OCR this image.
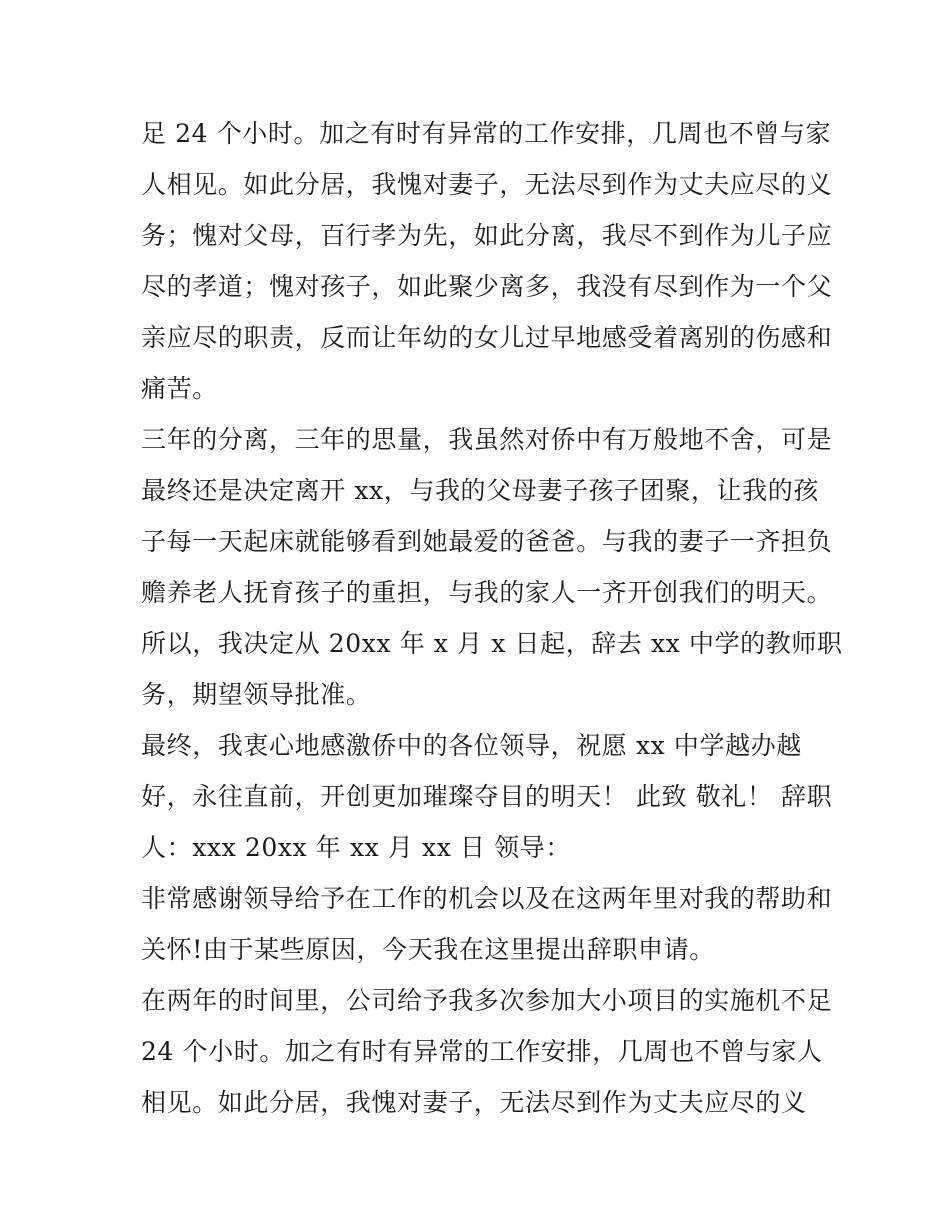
足 24 个小时。加之有时有异常的工作安排，几周也不曾与家
人相见。如此分居，我愧对妻子，无法尽到作为丈夫应尽的义
务；愧对父母，百行孝为先，如此分离，我尽不到作为儿子应
尽的孝道；愧对孩子，如此聚少离多，我没有尽到作为一个父
亲应尽的职责，反而让年幼的女儿过早地感受着离别的伤感和
痛苦。
三年的分离，三年的思量，我虽然对侨中有万般地不舍，可是
最终还是决定离开 xx，与我的父母妻子孩子团聚，让我的孩
子每一天起床就能够看到她最爱的爸爸。与我的妻子一齐担负
赡养老人抚育孩子的重担，与我的家人一齐开创我们的明天。
所以，我决定从 20xx 年 x 月 x 日起，辞去 xx 中学的教师职
务，期望领导批准。
最终，我衷心地感激侨中的各位领导，祝愿 xx 中学越办越
好，永往直前，开创更加璀璨夺目的明天！ 此致 敬礼！ 辞职
人：xxx 20xx 年 xx 月 xx 日 领导：
非常感谢领导给予在工作的机会以及在这两年里对我的帮助和
关怀!由于某些原因，今天我在这里提出辞职申请。
在两年的时间里，公司给予我多次参加大小项目的实施机不足
24 个小时。加之有时有异常的工作安排，几周也不曾与家人
相见。如此分居，我愧对妻子，无法尽到作为丈夫应尽的义
